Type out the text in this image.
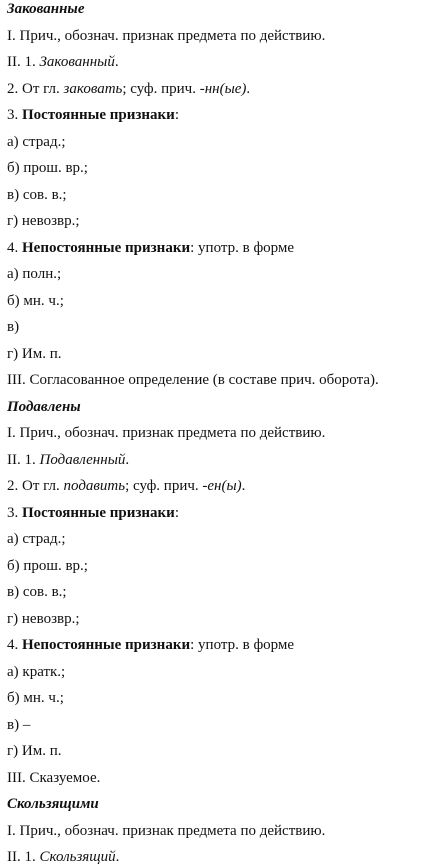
Закованные
I. Прич., обознач. признак предмета по действию.
II. 1. Закованный.
2. От гл. заковать; суф. прич. -нн(ые).
3. Постоянные признаки:
а) страд.;
б) прош. вр.;
в) сов. в.;
г) невозвр.;
4. Непостоянные признаки: употр. в форме
а) полн.;
б) мн. ч.;
в)
г) Им. п.
III. Согласованное определение (в составе прич. оборота).
Подавлены
I. Прич., обознач. признак предмета по действию.
II. 1. Подавленный.
2. От гл. подавить; суф. прич. -ен(ы).
3. Постоянные признаки:
а) страд.;
б) прош. вр.;
в) сов. в.;
г) невозвр.;
4. Непостоянные признаки: употр. в форме
а) кратк.;
б) мн. ч.;
в) –
г) Им. п.
III. Сказуемое.
Скользящими
I. Прич., обознач. признак предмета по действию.
II. 1. Скользящий.
